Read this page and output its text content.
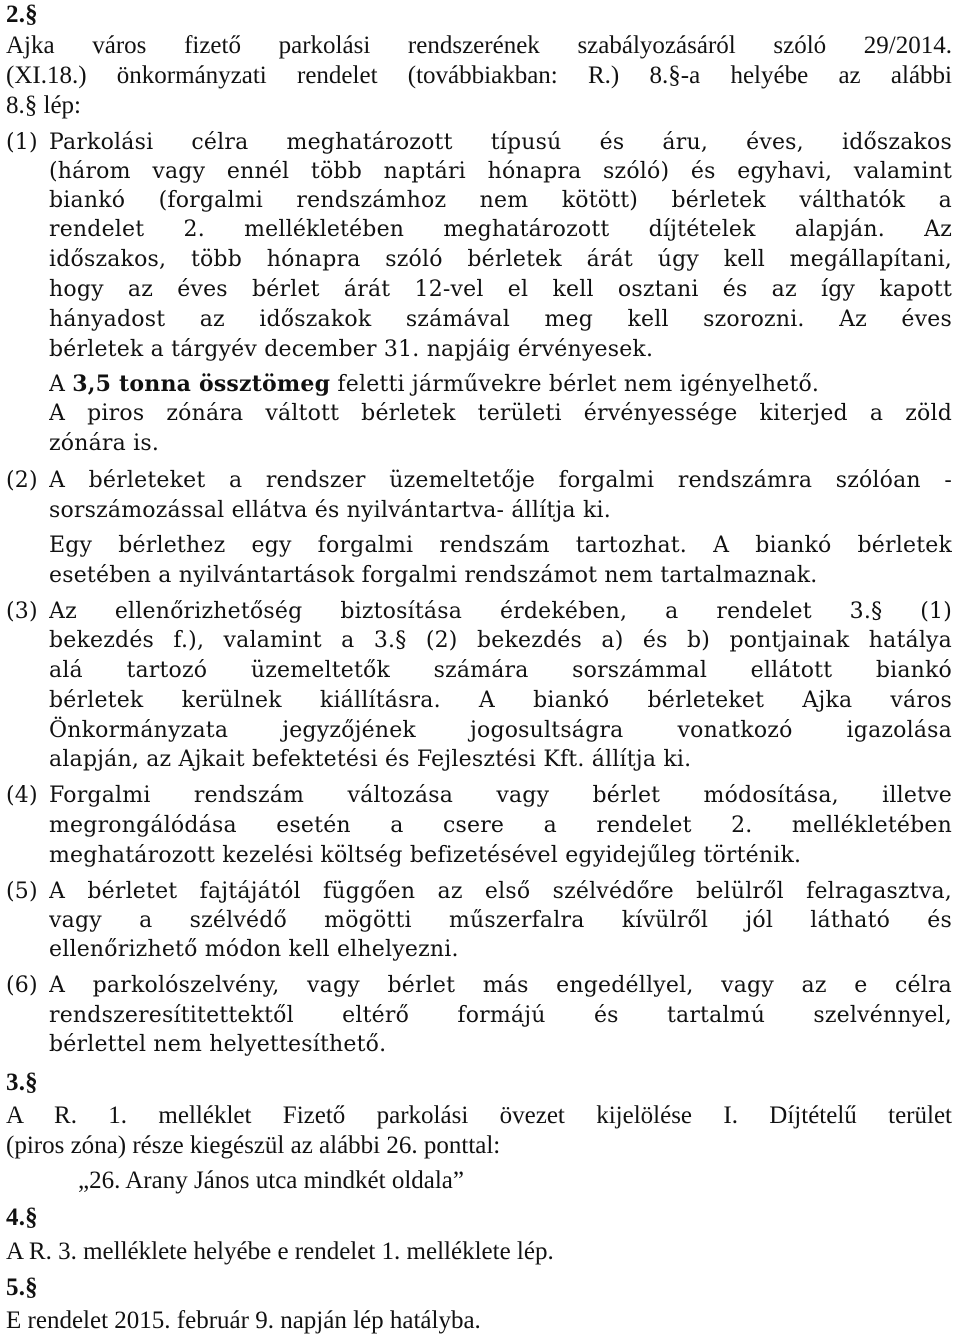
2.§
Ajka város fizető parkolási rendszerének szabályozásáról szóló 29/2014.
(XI.18.) önkormányzati rendelet (továbbiakban: R.) 8.§-a helyébe az alábbi
8.§ lép:
(1) Parkolási célra meghatározott típusú és áru, éves, időszakos
(három vagy ennél több naptári hónapra szóló) és egyhavi, valamint
biankó (forgalmi rendszámhoz nem kötött) bérletek válthatók a
rendelet 2. mellékletében meghatározott díjtételek alapján. Az
időszakos, több hónapra szóló bérletek árát úgy kell megállapítani,
hogy az éves bérlet árát 12-vel el kell osztani és az így kapott
hányadost az időszakok számával meg kell szorozni. Az éves
bérletek a tárgyév december 31. napjáig érvényesek.
A 3,5 tonna össztömeg feletti járművekre bérlet nem igényelhető.
A piros zónára váltott bérletek területi érvényessége kiterjed a zöld
zónára is.
(2) A bérleteket a rendszer üzemeltetője forgalmi rendszámra szólóan -
sorszámozással ellátva és nyilvántartva- állítja ki.
Egy bérlethez egy forgalmi rendszám tartozhat. A biankó bérletek
esetében a nyilvántartások forgalmi rendszámot nem tartalmaznak.
(3) Az ellenőrizhetőség biztosítása érdekében, a rendelet 3.§ (1)
bekezdés f.), valamint a 3.§ (2) bekezdés a) és b) pontjainak hatálya
alá tartozó üzemeltetők számára sorszámmal ellátott biankó
bérletek kerülnek kiállításra. A biankó bérleteket Ajka város
Önkormányzata jegyzőjének jogosultságra vonatkozó igazolása
alapján, az Ajkait befektetési és Fejlesztési Kft. állítja ki.
(4) Forgalmi rendszám változása vagy bérlet módosítása, illetve
megrongálódása esetén a csere a rendelet 2. mellékletében
meghatározott kezelési költség befizetésével egyidejűleg történik.
(5) A bérletet fajtájától függően az első szélvédőre belülről felragasztva,
vagy a szélvédő mögötti műszerfalra kívülről jól látható és
ellenőrizhető módon kell elhelyezni.
(6) A parkolószelvény, vagy bérlet más engedéllyel, vagy az e célra
rendszeresítitettektől eltérő formájú és tartalmú szelvénnyel,
bérlettel nem helyettesíthető.
3.§
A R. 1. melléklet Fizető parkolási övezet kijelölése I. Díjtételű terület
(piros zóna) része kiegészül az alábbi 26. ponttal:
„26. Arany János utca mindkét oldala”
4.§
A R. 3. melléklete helyébe e rendelet 1. melléklete lép.
5.§
E rendelet 2015. február 9. napján lép hatályba.
